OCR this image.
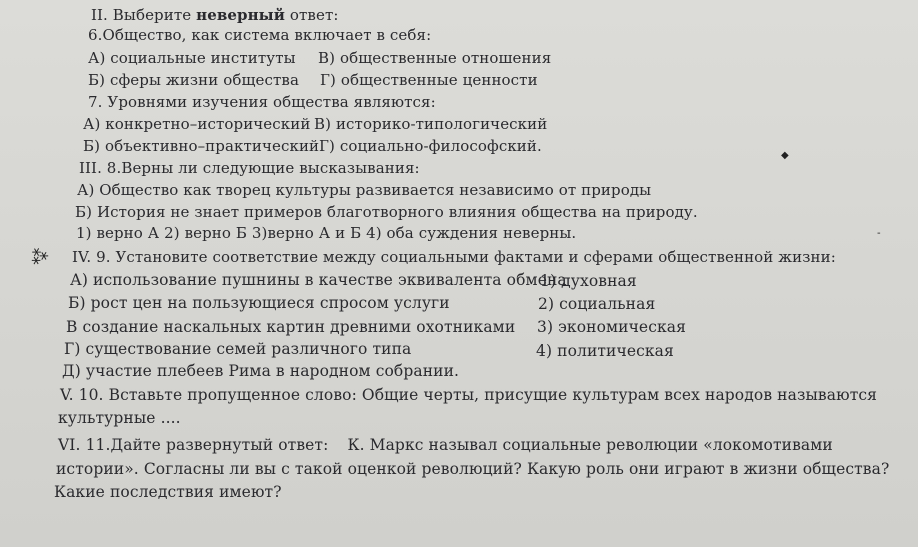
II. Выберите неверный ответ:
6.Общество, как система включает в себя:
А) социальные институты В) общественные отношения
Б) сферы жизни общества Г) общественные ценности
7. Уровнями изучения общества являются:
А) конкретно–исторический В) историко-типологический
Б) объективно–практический Г) социально-философский.
III. 8.Верны ли следующие высказывания:
А) Общество как творец культуры развивается независимо от природы
Б) История не знает примеров благотворного влияния общества на природу.
1) верно А 2) верно Б 3)верно А и Б 4) оба суждения неверны.
IV. 9. Установите соответствие между социальными фактами и сферами общественной жизни:
А) использование пушнины в качестве эквивалента обмена
Б) рост цен на пользующиеся спросом услуги
В создание наскальных картин древними охотниками
Г) существование семей различного типа
Д) участие плебеев Рима в народном собрании.
1) духовная
2) социальная
3) экономическая
4) политическая
V. 10. Вставьте пропущенное слово: Общие черты, присущие культурам всех народов называются
культурные ....
VI. 11.Дайте развернутый ответ: К. Маркс называл социальные революции «локомотивами
истории». Согласны ли вы с такой оценкой революций? Какую роль они играют в жизни общества?
Какие последствия имеют?
⁂
◆
-
